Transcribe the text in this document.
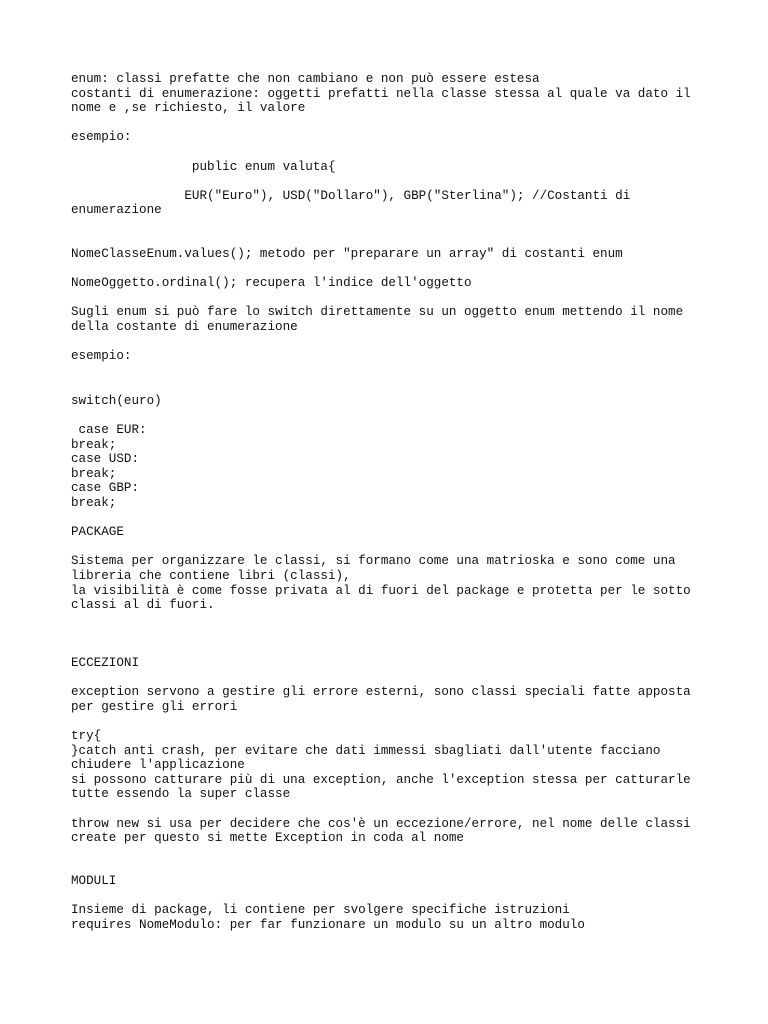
enum: classi prefatte che non cambiano e non può essere estesa
costanti di enumerazione: oggetti prefatti nella classe stessa al quale va dato il
nome e ,se richiesto, il valore
esempio:
public enum valuta{
EUR("Euro"), USD("Dollaro"), GBP("Sterlina"); //Costanti di
enumerazione
NomeClasseEnum.values(); metodo per "preparare un array" di costanti enum
NomeOggetto.ordinal(); recupera l'indice dell'oggetto
Sugli enum si può fare lo switch direttamente su un oggetto enum mettendo il nome
della costante di enumerazione
esempio:
switch(euro)
case EUR:
break;
case USD:
break;
case GBP:
break;
PACKAGE
Sistema per organizzare le classi, si formano come una matrioska e sono come una
libreria che contiene libri (classi),
la visibilità è come fosse privata al di fuori del package e protetta per le sotto
classi al di fuori.
ECCEZIONI
exception servono a gestire gli errore esterni, sono classi speciali fatte apposta
per gestire gli errori
try{
}catch anti crash, per evitare che dati immessi sbagliati dall'utente facciano
chiudere l'applicazione
si possono catturare più di una exception, anche l'exception stessa per catturarle
tutte essendo la super classe
throw new si usa per decidere che cos'è un eccezione/errore, nel nome delle classi
create per questo si mette Exception in coda al nome
MODULI
Insieme di package, li contiene per svolgere specifiche istruzioni
requires NomeModulo: per far funzionare un modulo su un altro modulo
